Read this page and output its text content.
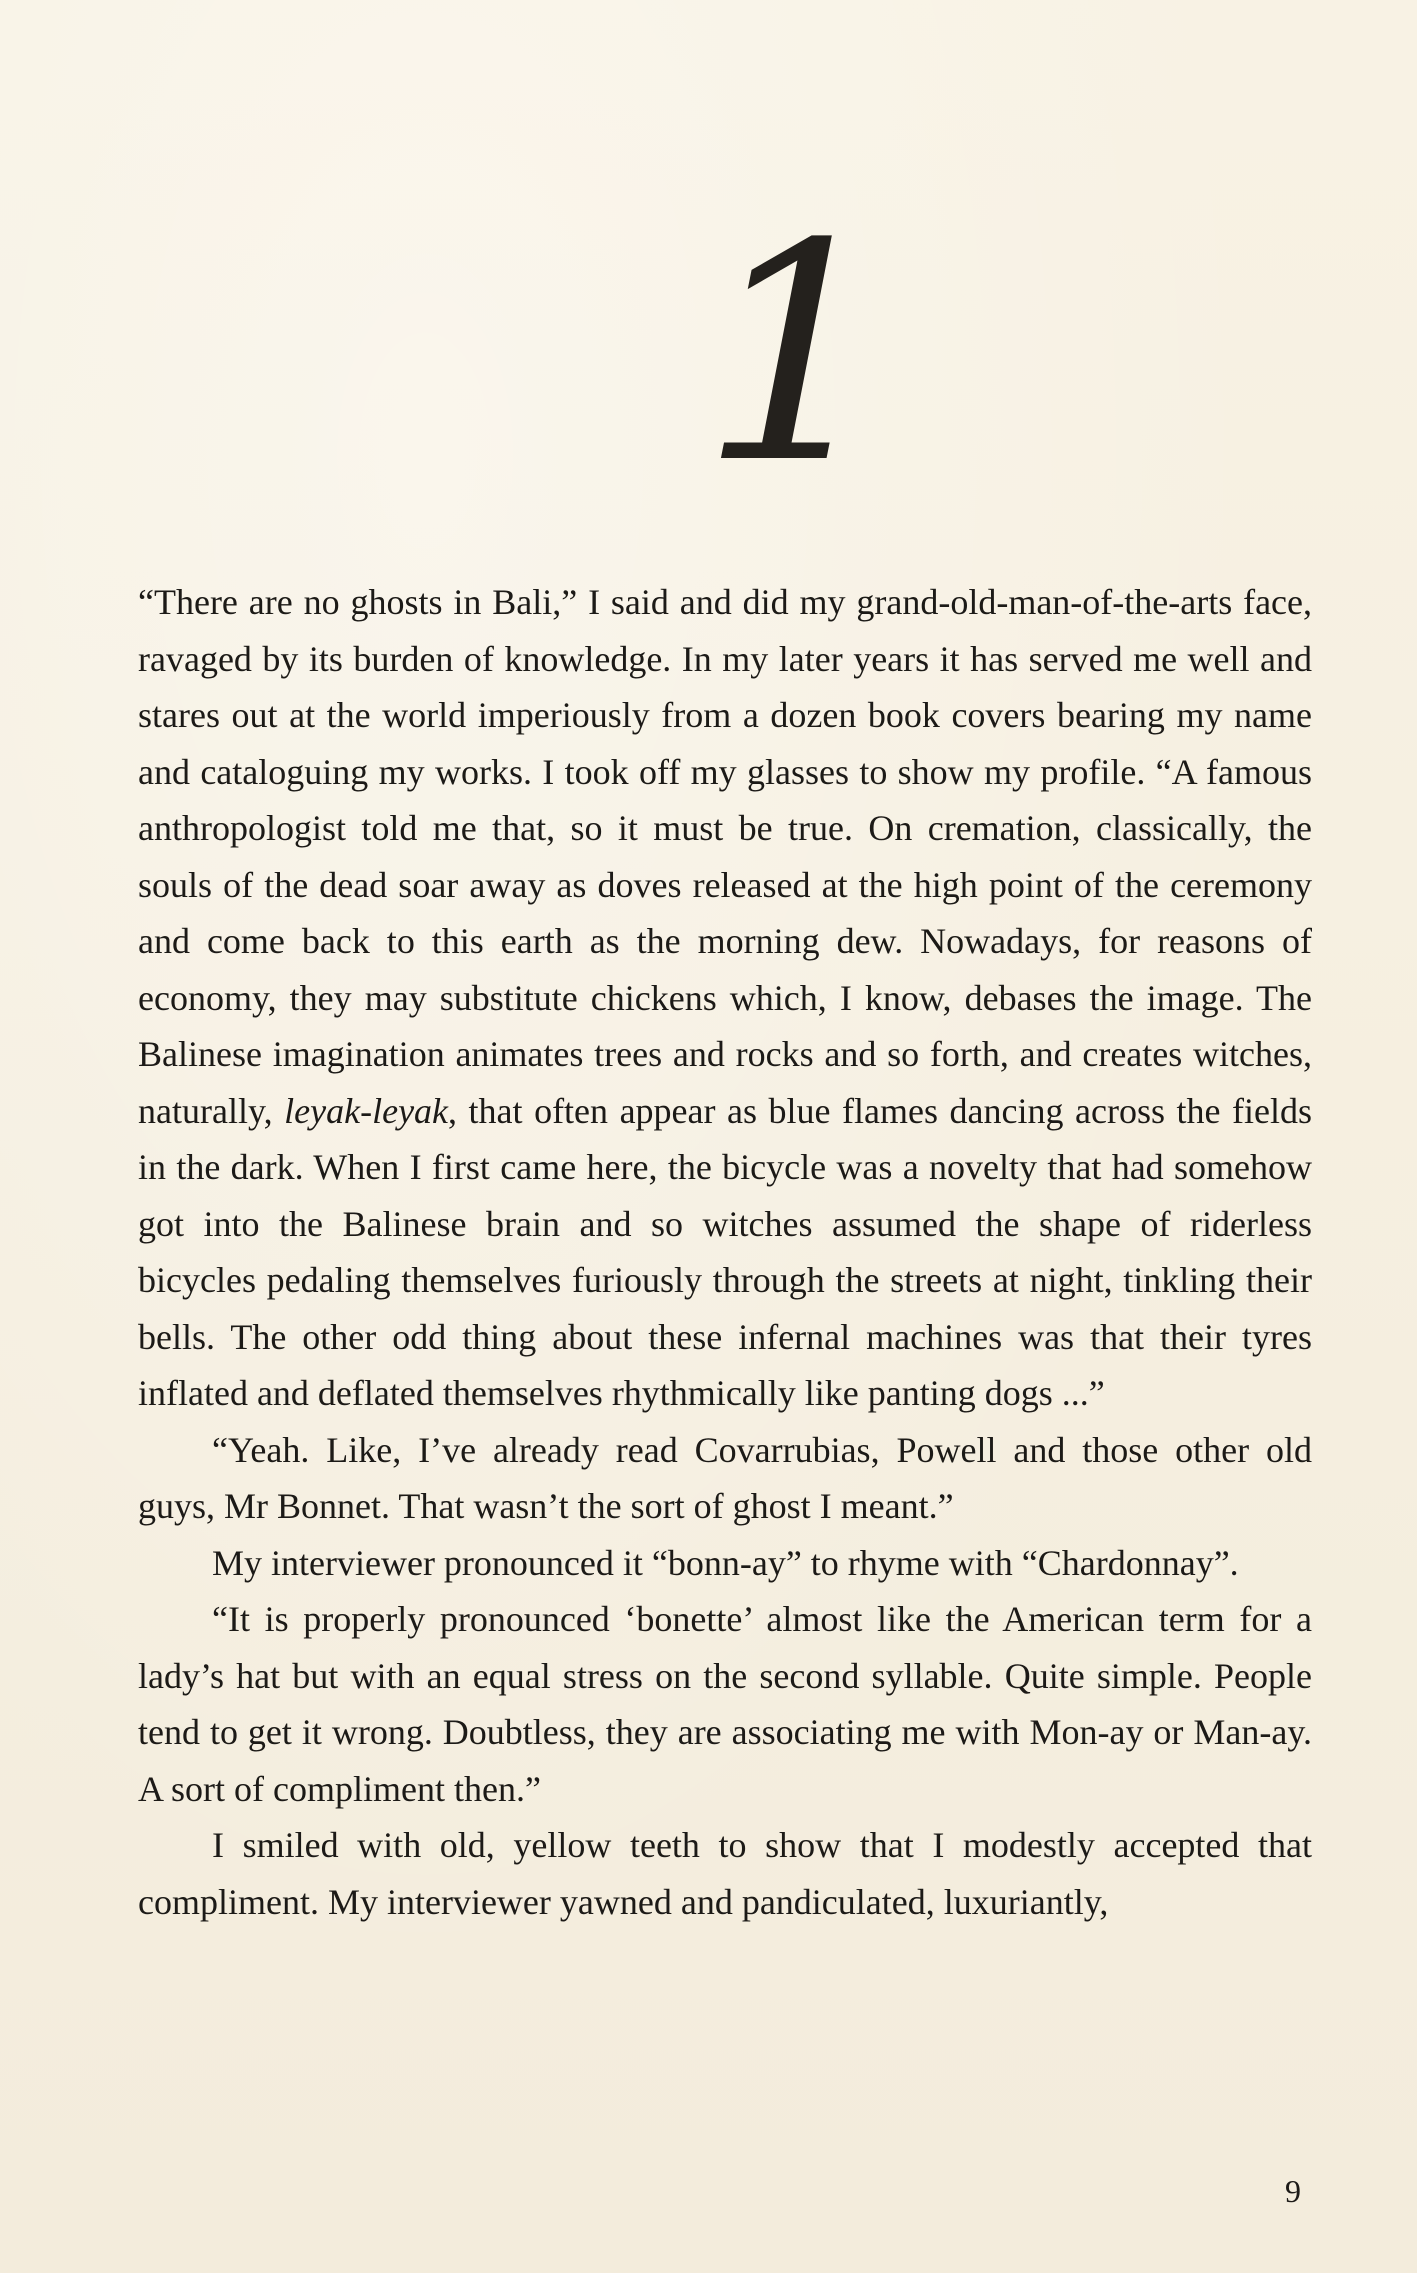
1

“There are no ghosts in Bali,” I said and did my grand-old-man-of-the-arts face, ravaged by its burden of knowledge. In my later years it has served me well and stares out at the world imperiously from a dozen book covers bearing my name and cataloguing my works. I took off my glasses to show my profile. “A famous anthropologist told me that, so it must be true. On cremation, classically, the souls of the dead soar away as doves released at the high point of the ceremony and come back to this earth as the morning dew. Nowadays, for reasons of economy, they may substitute chickens which, I know, debases the image. The Balinese imagination animates trees and rocks and so forth, and creates witches, naturally, leyak-leyak, that often appear as blue flames dancing across the fields in the dark. When I first came here, the bicycle was a novelty that had somehow got into the Balinese brain and so witches assumed the shape of riderless bicycles pedaling themselves furiously through the streets at night, tinkling their bells. The other odd thing about these infernal machines was that their tyres inflated and deflated themselves rhythmically like panting dogs ...”

“Yeah. Like, I’ve already read Covarrubias, Powell and those other old guys, Mr Bonnet. That wasn’t the sort of ghost I meant.”

My interviewer pronounced it “bonn-ay” to rhyme with “Chardonnay”.

“It is properly pronounced ‘bonette’ almost like the American term for a lady’s hat but with an equal stress on the second syllable. Quite simple. People tend to get it wrong. Doubtless, they are associating me with Mon-ay or Man-ay. A sort of compliment then.”

I smiled with old, yellow teeth to show that I modestly accepted that compliment. My interviewer yawned and pandiculated, luxuriantly,

9
